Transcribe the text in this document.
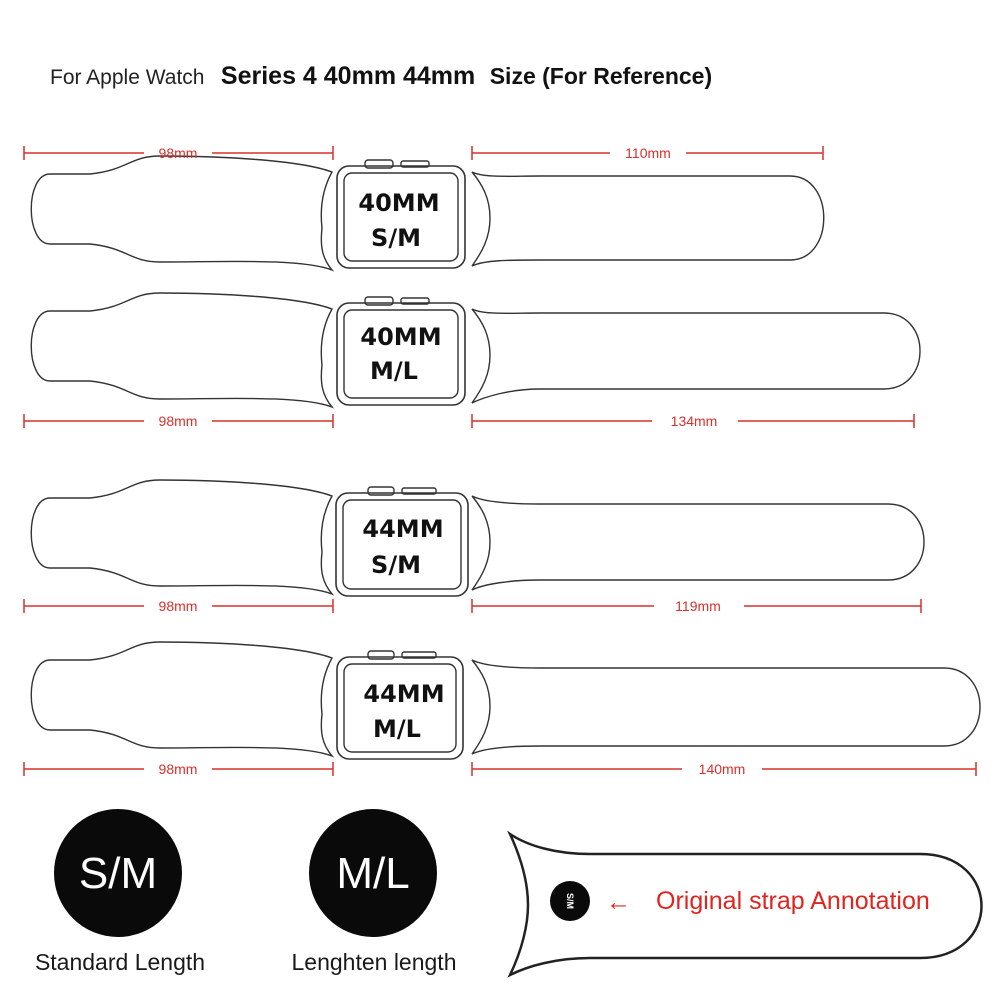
For Apple Watch Series 4 40mm 44mm Size (For Reference)
40MM
S/M
98mm	110mm
40MM
M/L
98mm	134mm
44MM
S/M
98mm	119mm
44MM
M/L
98mm	140mm
S/M
Standard Length
M/L
Lenghten length
S/M ← Original strap Annotation
